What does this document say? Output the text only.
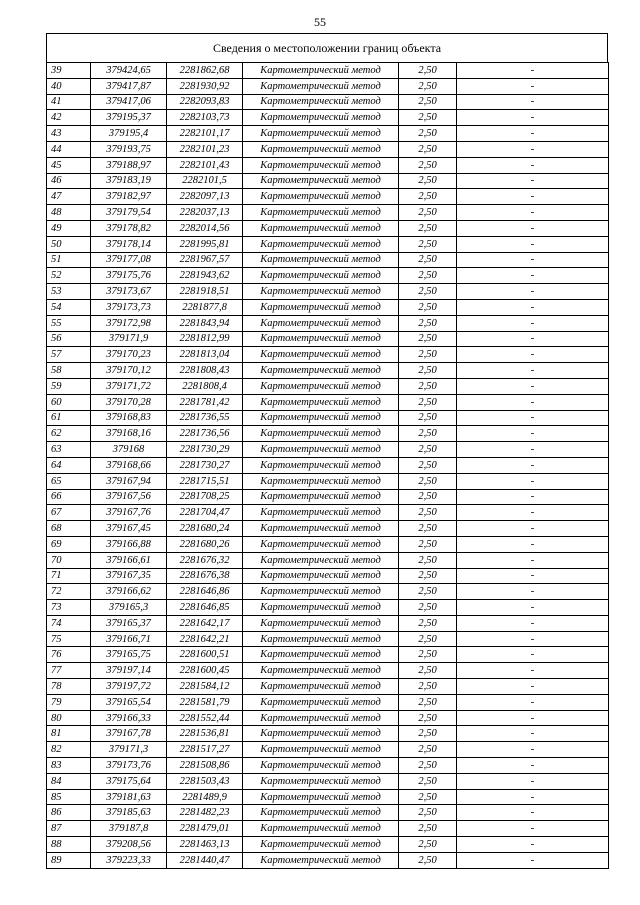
55
Сведения о местоположении границ объекта
39	379424,65	2281862,68	Картометрический метод	2,50	-
40	379417,87	2281930,92	Картометрический метод	2,50	-
41	379417,06	2282093,83	Картометрический метод	2,50	-
42	379195,37	2282103,73	Картометрический метод	2,50	-
43	379195,4	2282101,17	Картометрический метод	2,50	-
44	379193,75	2282101,23	Картометрический метод	2,50	-
45	379188,97	2282101,43	Картометрический метод	2,50	-
46	379183,19	2282101,5	Картометрический метод	2,50	-
47	379182,97	2282097,13	Картометрический метод	2,50	-
48	379179,54	2282037,13	Картометрический метод	2,50	-
49	379178,82	2282014,56	Картометрический метод	2,50	-
50	379178,14	2281995,81	Картометрический метод	2,50	-
51	379177,08	2281967,57	Картометрический метод	2,50	-
52	379175,76	2281943,62	Картометрический метод	2,50	-
53	379173,67	2281918,51	Картометрический метод	2,50	-
54	379173,73	2281877,8	Картометрический метод	2,50	-
55	379172,98	2281843,94	Картометрический метод	2,50	-
56	379171,9	2281812,99	Картометрический метод	2,50	-
57	379170,23	2281813,04	Картометрический метод	2,50	-
58	379170,12	2281808,43	Картометрический метод	2,50	-
59	379171,72	2281808,4	Картометрический метод	2,50	-
60	379170,28	2281781,42	Картометрический метод	2,50	-
61	379168,83	2281736,55	Картометрический метод	2,50	-
62	379168,16	2281736,56	Картометрический метод	2,50	-
63	379168	2281730,29	Картометрический метод	2,50	-
64	379168,66	2281730,27	Картометрический метод	2,50	-
65	379167,94	2281715,51	Картометрический метод	2,50	-
66	379167,56	2281708,25	Картометрический метод	2,50	-
67	379167,76	2281704,47	Картометрический метод	2,50	-
68	379167,45	2281680,24	Картометрический метод	2,50	-
69	379166,88	2281680,26	Картометрический метод	2,50	-
70	379166,61	2281676,32	Картометрический метод	2,50	-
71	379167,35	2281676,38	Картометрический метод	2,50	-
72	379166,62	2281646,86	Картометрический метод	2,50	-
73	379165,3	2281646,85	Картометрический метод	2,50	-
74	379165,37	2281642,17	Картометрический метод	2,50	-
75	379166,71	2281642,21	Картометрический метод	2,50	-
76	379165,75	2281600,51	Картометрический метод	2,50	-
77	379197,14	2281600,45	Картометрический метод	2,50	-
78	379197,72	2281584,12	Картометрический метод	2,50	-
79	379165,54	2281581,79	Картометрический метод	2,50	-
80	379166,33	2281552,44	Картометрический метод	2,50	-
81	379167,78	2281536,81	Картометрический метод	2,50	-
82	379171,3	2281517,27	Картометрический метод	2,50	-
83	379173,76	2281508,86	Картометрический метод	2,50	-
84	379175,64	2281503,43	Картометрический метод	2,50	-
85	379181,63	2281489,9	Картометрический метод	2,50	-
86	379185,63	2281482,23	Картометрический метод	2,50	-
87	379187,8	2281479,01	Картометрический метод	2,50	-
88	379208,56	2281463,13	Картометрический метод	2,50	-
89	379223,33	2281440,47	Картометрический метод	2,50	-
